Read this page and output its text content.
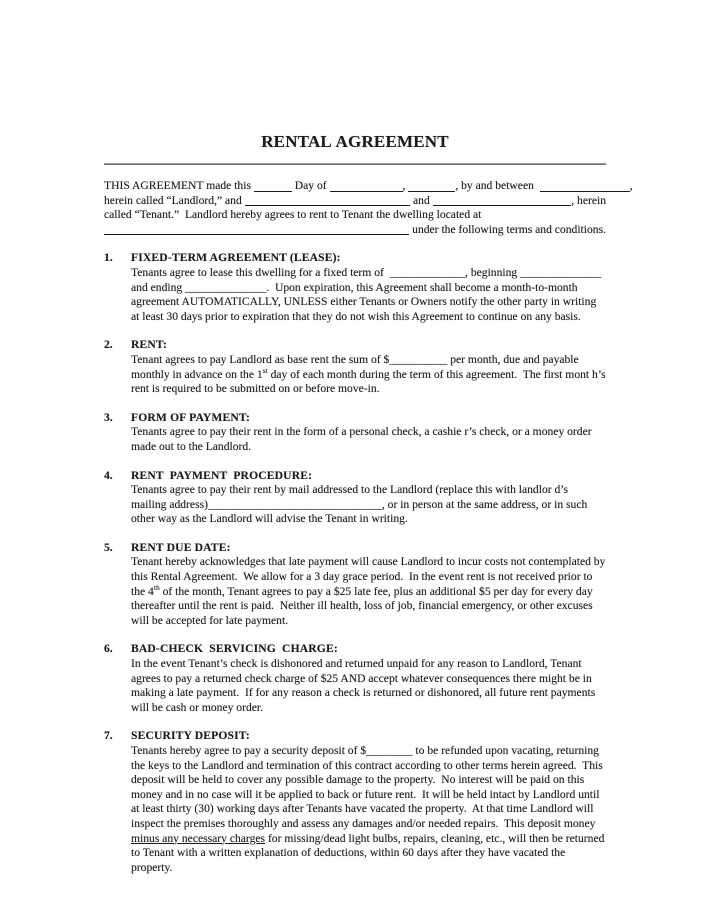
RENTAL AGREEMENT
THIS AGREEMENT made this	Day of	,	, by and between	,
herein called “Landlord,” and	and	, herein
called “Tenant.”  Landlord hereby agrees to rent to Tenant the dwelling located at
under the following terms and conditions.
1.	FIXED-TERM AGREEMENT (LEASE):
Tenants agree to lease this dwelling for a fixed term of  _____________, beginning ______________ and ending ______________.  Upon expiration, this Agreement shall become a month-to-month agreement AUTOMATICALLY, UNLESS either Tenants or Owners notify the other party in writing at least 30 days prior to expiration that they do not wish this Agreement to continue on any basis.
2.	RENT:
Tenant agrees to pay Landlord as base rent the sum of $__________ per month, due and payable monthly in advance on the 1st day of each month during the term of this agreement.  The first mont h’s rent is required to be submitted on or before move-in.
3.	FORM OF PAYMENT:
Tenants agree to pay their rent in the form of a personal check, a cashie r’s check, or a money order made out to the Landlord.
4.	RENT  PAYMENT  PROCEDURE:
Tenants agree to pay their rent by mail addressed to the Landlord (replace this with landlor d’s mailing address)______________________________, or in person at the same address, or in such other way as the Landlord will advise the Tenant in writing.
5.	RENT DUE DATE:
Tenant hereby acknowledges that late payment will cause Landlord to incur costs not contemplated by this Rental Agreement.  We allow for a 3 day grace period.  In the event rent is not received prior to the 4th of the month, Tenant agrees to pay a $25 late fee, plus an additional $5 per day for every day thereafter until the rent is paid.  Neither ill health, loss of job, financial emergency, or other excuses will be accepted for late payment.
6.	BAD-CHECK  SERVICING  CHARGE:
In the event Tenant’s check is dishonored and returned unpaid for any reason to Landlord, Tenant agrees to pay a returned check charge of $25 AND accept whatever consequences there might be in making a late payment.  If for any reason a check is returned or dishonored, all future rent payments will be cash or money order.
7.	SECURITY DEPOSIT:
Tenants hereby agree to pay a security deposit of $________ to be refunded upon vacating, returning the keys to the Landlord and termination of this contract according to other terms herein agreed.  This deposit will be held to cover any possible damage to the property.  No interest will be paid on this money and in no case will it be applied to back or future rent.  It will be held intact by Landlord until at least thirty (30) working days after Tenants have vacated the property.  At that time Landlord will inspect the premises thoroughly and assess any damages and/or needed repairs.  This deposit money minus any necessary charges for missing/dead light bulbs, repairs, cleaning, etc., will then be returned to Tenant with a written explanation of deductions, within 60 days after they have vacated the property.
